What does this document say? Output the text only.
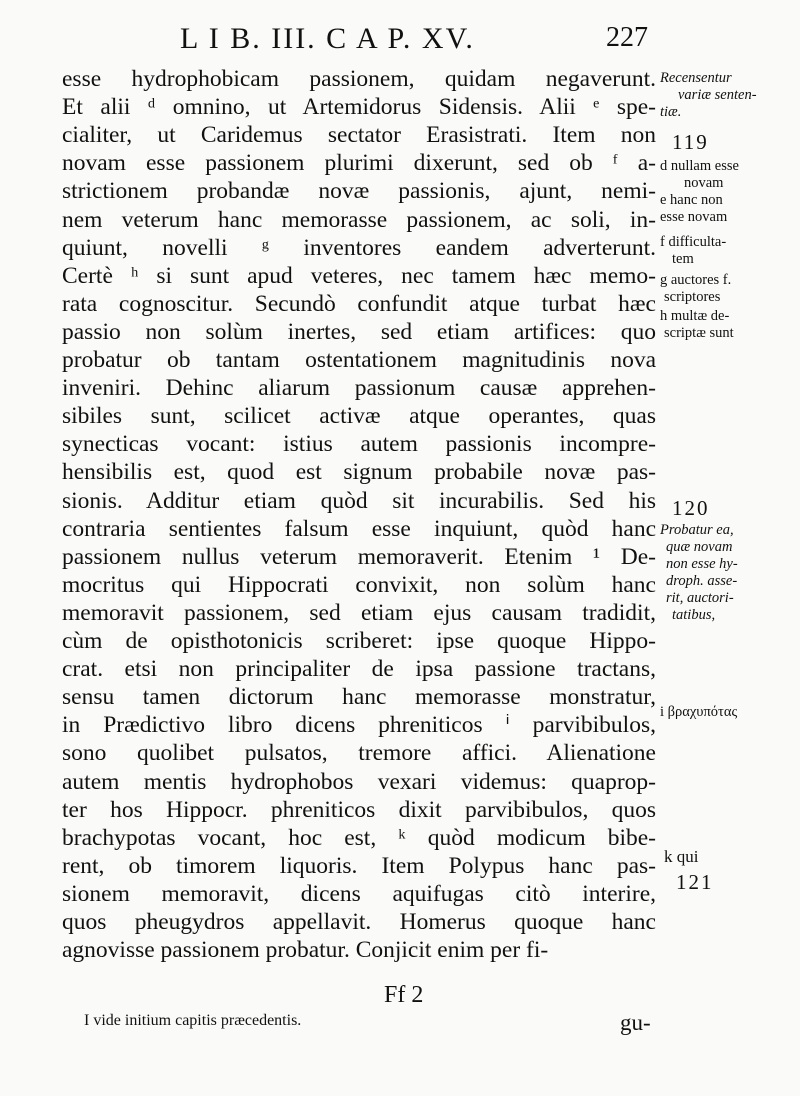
L I B. III. C A P. XV.	227
esse hydrophobicam passionem, quidam negaverunt.
Et alii ᵈ omnino, ut Artemidorus Sidensis. Alii ᵉ spe-
cialiter, ut Caridemus sectator Erasistrati. Item non
novam esse passionem plurimi dixerunt, sed ob ᶠ a-
strictionem probandæ novæ passionis, ajunt, nemi-
nem veterum hanc memorasse passionem, ac soli, in-
quiunt, novelli ᵍ inventores eandem adverterunt.
Certè ʰ si sunt apud veteres, nec tamem hæc memo-
rata cognoscitur. Secundò confundit atque turbat hæc
passio non solùm inertes, sed etiam artifices: quo
probatur ob tantam ostentationem magnitudinis nova
inveniri. Dehinc aliarum passionum causæ apprehen-
sibiles sunt, scilicet activæ atque operantes, quas
synecticas vocant: istius autem passionis incompre-
hensibilis est, quod est signum probabile novæ pas-
sionis. Additur etiam quòd sit incurabilis. Sed his
contraria sentientes falsum esse inquiunt, quòd hanc
passionem nullus veterum memoraverit. Etenim ¹ De-
mocritus qui Hippocrati convixit, non solùm hanc
memoravit passionem, sed etiam ejus causam tradidit,
cùm de opisthotonicis scriberet: ipse quoque Hippo-
crat. etsi non principaliter de ipsa passione tractans,
sensu tamen dictorum hanc memorasse monstratur,
in Prædictivo libro dicens phreniticos ⁱ parvibibulos,
sono quolibet pulsatos, tremore affici. Alienatione
autem mentis hydrophobos vexari videmus: quaprop-
ter hos Hippocr. phreniticos dixit parvibibulos, quos
brachypotas vocant, hoc est, ᵏ quòd modicum bibe-
rent, ob timorem liquoris. Item Polypus hanc pas-
sionem memoravit, dicens aquifugas citò interire,
quos pheugydros appellavit. Homerus quoque hanc
agnovisse passionem probatur. Conjicit enim per fi-
Recensentur
variæ senten-
tiæ.
119
d nullam esse
novam
e hanc non
esse novam
f difficulta-
tem
g auctores f.
scriptores
h multæ de-
scriptæ sunt
120
Probatur ea,
quæ novam
non esse hy-
droph. asse-
rit, auctori-
tatibus,
i βραχυπότας
k qui
121
Ff 2
gu-
I vide initium capitis præcedentis.
